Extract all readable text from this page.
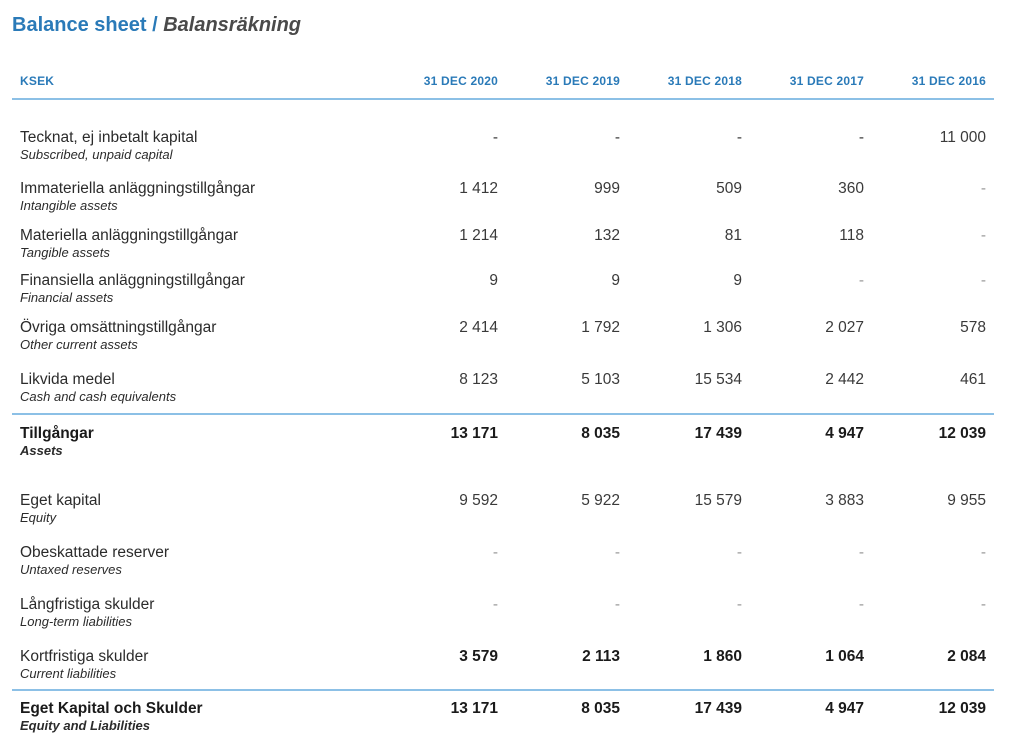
Balance sheet / Balansräkning
KSEK	31 DEC 2020	31 DEC 2019	31 DEC 2018	31 DEC 2017	31 DEC 2016
Tecknat, ej inbetalt kapital
Subscribed, unpaid capital
-	-	-	-	11 000
Immateriella anläggningstillgångar
Intangible assets
1 412	999	509	360	-
Materiella anläggningstillgångar
Tangible assets
1 214	132	81	118	-
Finansiella anläggningstillgångar
Financial assets
9	9	9	-	-
Övriga omsättningstillgångar
Other current assets
2 414	1 792	1 306	2 027	578
Likvida medel
Cash and cash equivalents
8 123	5 103	15 534	2 442	461
Tillgångar
Assets
13 171	8 035	17 439	4 947	12 039
Eget kapital
Equity
9 592	5 922	15 579	3 883	9 955
Obeskattade reserver
Untaxed reserves
-	-	-	-	-
Långfristiga skulder
Long-term liabilities
-	-	-	-	-
Kortfristiga skulder
Current liabilities
3 579	2 113	1 860	1 064	2 084
Eget Kapital och Skulder
Equity and Liabilities
13 171	8 035	17 439	4 947	12 039
